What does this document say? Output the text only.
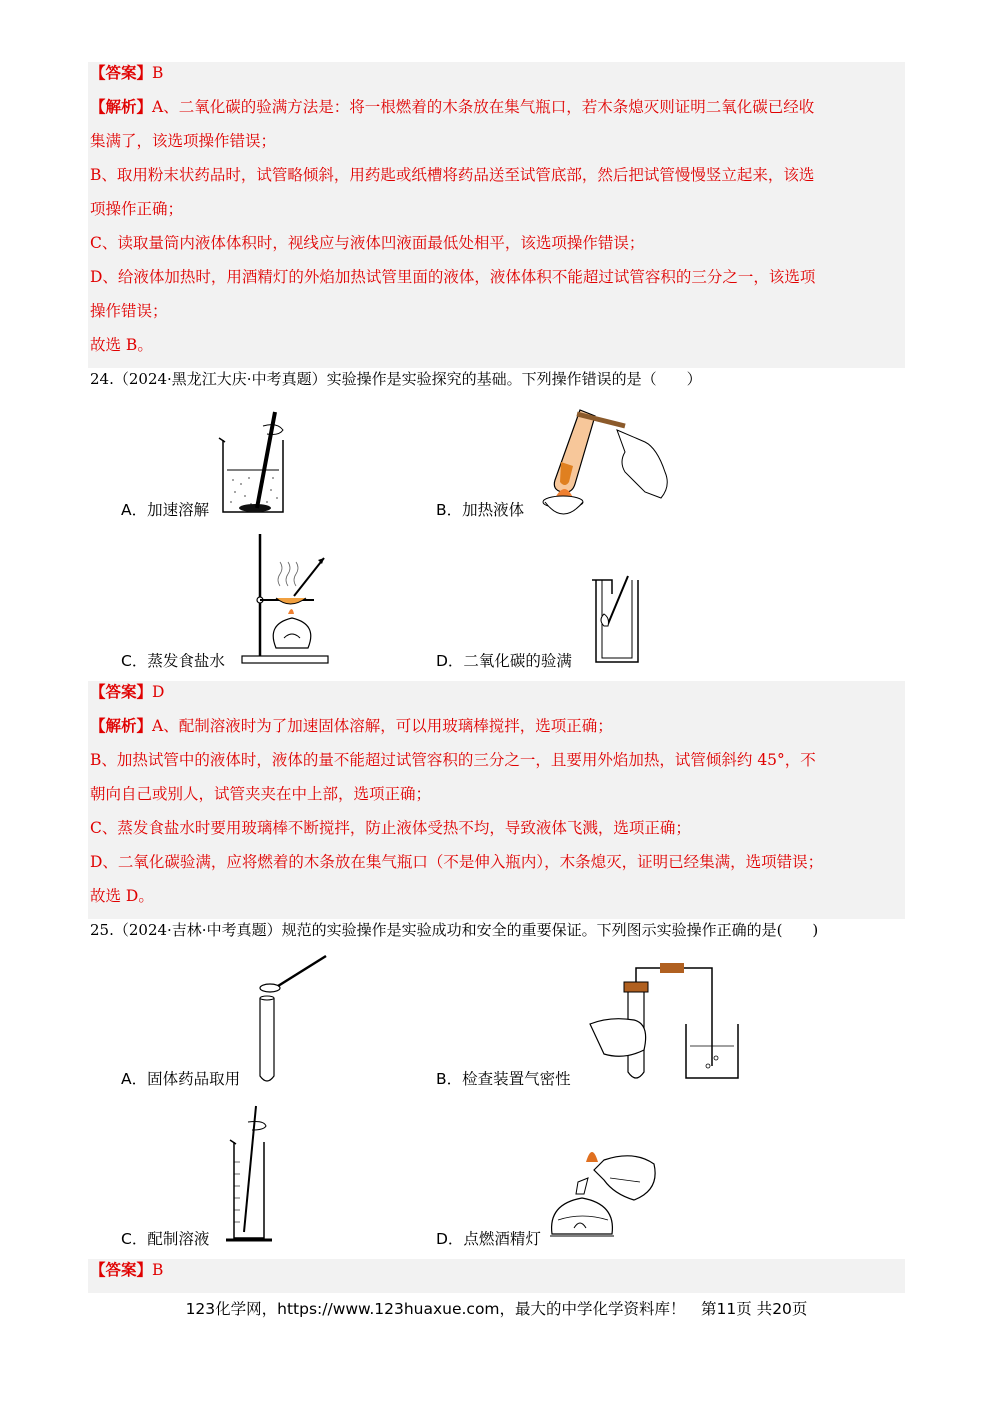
【答案】B
【解析】A、二氧化碳的验满方法是：将一根燃着的木条放在集气瓶口，若木条熄灭则证明二氧化碳已经收
集满了，该选项操作错误；
B、取用粉末状药品时，试管略倾斜，用药匙或纸槽将药品送至试管底部，然后把试管慢慢竖立起来，该选
项操作正确；
C、读取量筒内液体体积时，视线应与液体凹液面最低处相平，该选项操作错误；
D、给液体加热时，用酒精灯的外焰加热试管里面的液体，液体体积不能超过试管容积的三分之一，该选项
操作错误；
故选 B。
24.（2024·黑龙江大庆·中考真题）实验操作是实验探究的基础。下列操作错误的是（　　）
A．加速溶解	B．加热液体
C．蒸发食盐水	D．二氧化碳的验满
【答案】D
【解析】A、配制溶液时为了加速固体溶解，可以用玻璃棒搅拌，选项正确；
B、加热试管中的液体时，液体的量不能超过试管容积的三分之一，且要用外焰加热，试管倾斜约 45°，不
朝向自己或别人，试管夹夹在中上部，选项正确；
C、蒸发食盐水时要用玻璃棒不断搅拌，防止液体受热不均，导致液体飞溅，选项正确；
D、二氧化碳验满，应将燃着的木条放在集气瓶口（不是伸入瓶内），木条熄灭，证明已经集满，选项错误；
故选 D。
25.（2024·吉林·中考真题）规范的实验操作是实验成功和安全的重要保证。下列图示实验操作正确的是(　　)
A．固体药品取用	B．检查装置气密性
C．配制溶液	D．点燃酒精灯
【答案】B
123化学网，https://www.123huaxue.com，最大的中学化学资料库！　第11页 共20页
